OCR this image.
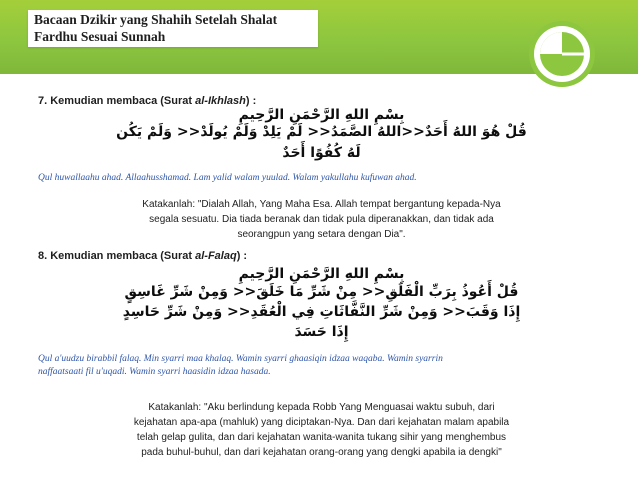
Bacaan Dzikir yang Shahih Setelah Shalat
Fardhu Sesuai Sunnah
7. Kemudian membaca (Surat al-Ikhlash) :
بِسْمِ اللهِ الرَّحْمَنِ الرَّحِيمِ
قُلْ هُوَ اللهُ أَحَدٌ<<اللهُ الصَّمَدُ<< لَمْ يَلِدْ وَلَمْ يُولَدْ<< وَلَمْ يَكُن
لَهُ كُفُوًا أَحَدٌ
Qul huwallaahu ahad. Allaahusshamad. Lam yalid walam yuulad. Walam yakullahu kufuwan ahad.
Katakanlah: "Dialah Allah, Yang Maha Esa. Allah tempat bergantung kepada-Nya
segala sesuatu. Dia tiada beranak dan tidak pula diperanakkan, dan tidak ada
seorangpun yang setara dengan Dia".
8. Kemudian membaca (Surat al-Falaq) :
بِسْمِ اللهِ الرَّحْمَنِ الرَّحِيمِ
قُلْ أَعُوذُ بِرَبِّ الْفَلَقِ<< مِنْ شَرِّ مَا خَلَقَ<< وَمِنْ شَرِّ غَاسِقٍ
إِذَا وَقَبَ<< وَمِنْ شَرِّ النَّفَّاثَاتِ فِي الْعُقَدِ<< وَمِنْ شَرِّ حَاسِدٍ
إِذَا حَسَدَ
Qul a'uudzu birabbil falaq. Min syarri maa khalaq. Wamin syarri ghaasiqin idzaa waqaba. Wamin syarrin
naffaatsaati fil u'uqadi. Wamin syarri haasidin idzaa hasada.
Katakanlah: "Aku berlindung kepada Robb Yang Menguasai waktu subuh, dari
kejahatan apa-apa (mahluk) yang diciptakan-Nya. Dan dari kejahatan malam apabila
telah gelap gulita, dan dari kejahatan wanita-wanita tukang sihir yang menghembus
pada buhul-buhul, dan dari kejahatan orang-orang yang dengki apabila ia dengki"
